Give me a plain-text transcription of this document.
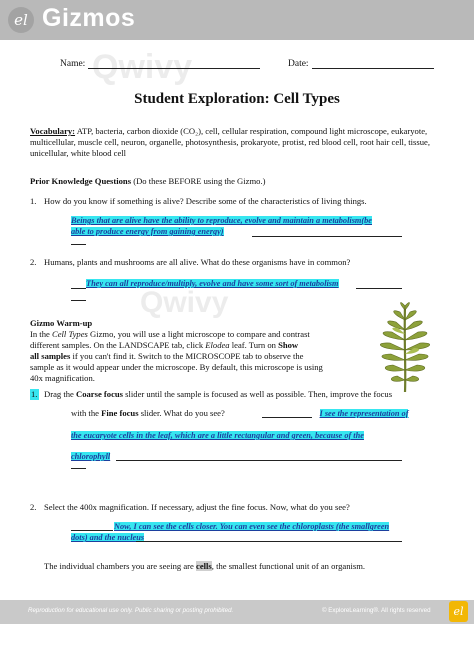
el Gizmos
Qwivy
Qwivy
Name:	Date:
Student Exploration: Cell Types
Vocabulary: ATP, bacteria, carbon dioxide (CO₂), cell, cellular respiration, compound light microscope, eukaryote, multicellular, muscle cell, neuron, organelle, photosynthesis, prokaryote, protist, red blood cell, root hair cell, tissue, unicellular, white blood cell
Prior Knowledge Questions (Do these BEFORE using the Gizmo.)
1. How do you know if something is alive? Describe some of the characteristics of living things.
Beings that are alive have the ability to reproduce, evolve and maintain a metabolism(be
able to produce energy from gaining energy)
2. Humans, plants and mushrooms are all alive. What do these organisms have in common?
They can all reproduce/multiply, evolve and have some sort of metabolism
Gizmo Warm-up
In the Cell Types Gizmo, you will use a light microscope to compare and contrast
different samples. On the LANDSCAPE tab, click Elodea leaf. Turn on Show
all samples if you can't find it. Switch to the MICROSCOPE tab to observe the
sample as it would appear under the microscope. By default, this microscope is using
40x magnification.
1. Drag the Coarse focus slider until the sample is focused as well as possible. Then, improve the focus
with the Fine focus slider. What do you see?	I see the representation of
the eucaryote cells in the leaf, which are a little rectangular and green, because of the
chlorophyll
2. Select the 400x magnification. If necessary, adjust the fine focus. Now, what do you see?
Now, I can see the cells closer. You can even see the chloroplasts (the smallgreen
dots) and the nucleus
The individual chambers you are seeing are cells, the smallest functional unit of an organism.
Reproduction for educational use only. Public sharing or posting prohibited.	© ExploreLearning®. All rights reserved	el
